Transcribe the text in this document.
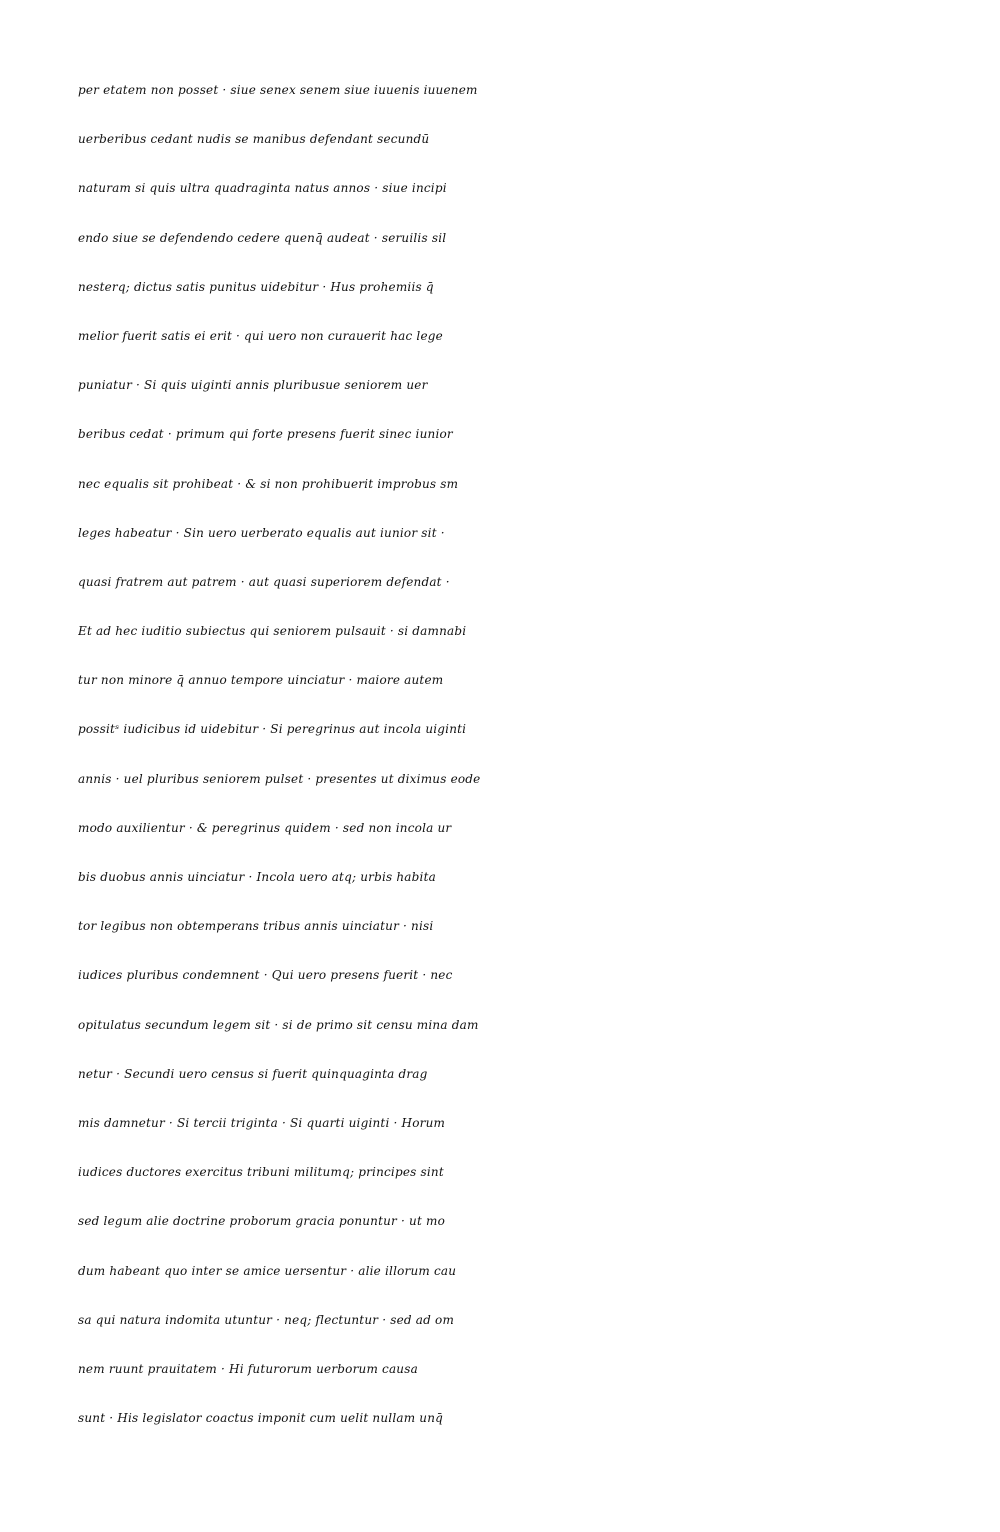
per etatem non posset · siue senex senem siue iuuenis iuuenem
uerberibus cedant nudis se manibus defendant secundū
naturam si quis ultra quadraginta natus annos · siue incipi
endo siue se defendendo cedere quenq̄ audeat · seruilis sil
nesterq; dictus satis punitus uidebitur · Hus prohemiis q̄
melior fuerit satis ei erit · qui uero non curauerit hac lege
puniatur · Si quis uiginti annis pluribusue seniorem uer
beribus cedat · primum qui forte presens fuerit sinec iunior
nec equalis sit prohibeat · & si non prohibuerit improbus sm
leges habeatur · Sin uero uerberato equalis aut iunior sit ·
quasi fratrem aut patrem · aut quasi superiorem defendat ·
Et ad hec iuditio subiectus qui seniorem pulsauit · si damnabi
tur non minore q̄ annuo tempore uinciatur · maiore autem
possitˢ iudicibus id uidebitur · Si peregrinus aut incola uiginti
annis · uel pluribus seniorem pulset · presentes ut diximus eode
modo auxilientur · & peregrinus quidem · sed non incola ur
bis duobus annis uinciatur · Incola uero atq; urbis habita
tor legibus non obtemperans tribus annis uinciatur · nisi
iudices pluribus condemnent · Qui uero presens fuerit · nec
opitulatus secundum legem sit · si de primo sit censu mina dam
netur · Secundi uero census si fuerit quinquaginta drag
mis damnetur · Si tercii triginta · Si quarti uiginti · Horum
iudices ductores exercitus tribuni militumq; principes sint
sed legum alie doctrine proborum gracia ponuntur · ut mo
dum habeant quo inter se amice uersentur · alie illorum cau
sa qui natura indomita utuntur · neq; flectuntur · sed ad om
nem ruunt prauitatem · Hi futurorum uerborum causa
sunt · His legislator coactus imponit cum uelit nullam unq̄
